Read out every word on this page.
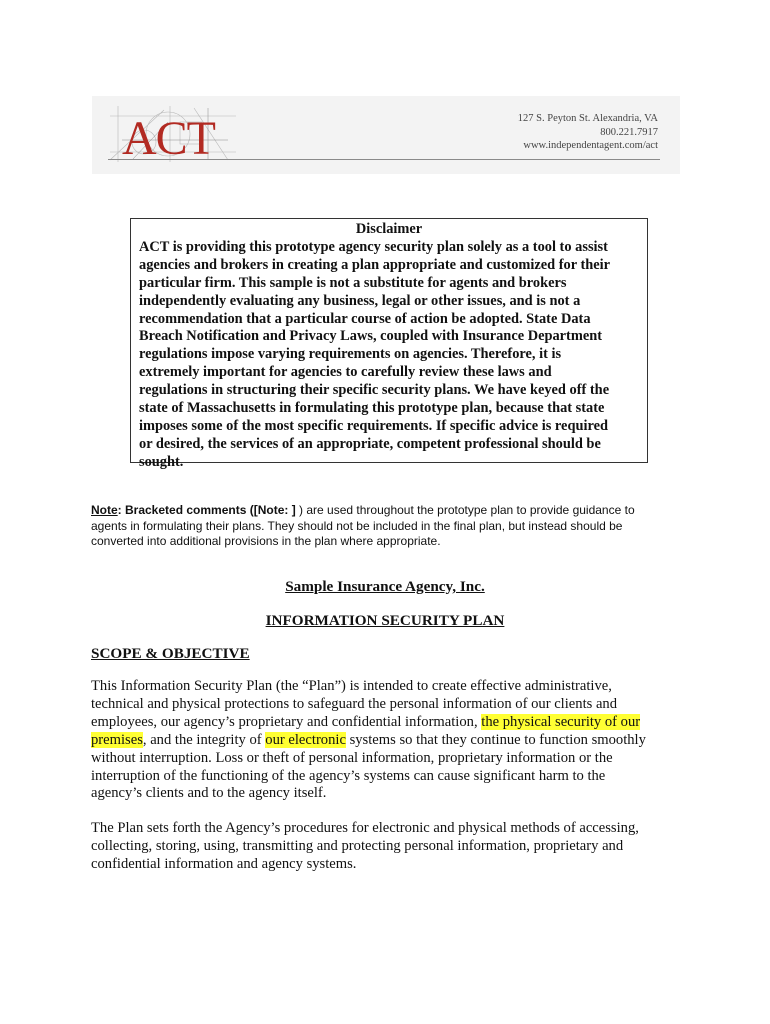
ACT	127 S. Peyton St. Alexandria, VA
800.221.7917
www.independentagent.com/act
Disclaimer
ACT is providing this prototype agency security plan solely as a tool to assist
agencies and brokers in creating a plan appropriate and customized for their
particular firm. This sample is not a substitute for agents and brokers
independently evaluating any business, legal or other issues, and is not a
recommendation that a particular course of action be adopted. State Data
Breach Notification and Privacy Laws, coupled with Insurance Department
regulations impose varying requirements on agencies. Therefore, it is
extremely important for agencies to carefully review these laws and
regulations in structuring their specific security plans. We have keyed off the
state of Massachusetts in formulating this prototype plan, because that state
imposes some of the most specific requirements. If specific advice is required
or desired, the services of an appropriate, competent professional should be
sought.
Note: Bracketed comments ([Note: ] ) are used throughout the prototype plan to provide guidance to
agents in formulating their plans. They should not be included in the final plan, but instead should be
converted into additional provisions in the plan where appropriate.
Sample Insurance Agency, Inc.
INFORMATION SECURITY PLAN
SCOPE & OBJECTIVE
This Information Security Plan (the “Plan”) is intended to create effective administrative,
technical and physical protections to safeguard the personal information of our clients and
employees, our agency’s proprietary and confidential information, the physical security of our
premises, and the integrity of our electronic systems so that they continue to function smoothly
without interruption. Loss or theft of personal information, proprietary information or the
interruption of the functioning of the agency’s systems can cause significant harm to the
agency’s clients and to the agency itself.
The Plan sets forth the Agency’s procedures for electronic and physical methods of accessing,
collecting, storing, using, transmitting and protecting personal information, proprietary and
confidential information and agency systems.
